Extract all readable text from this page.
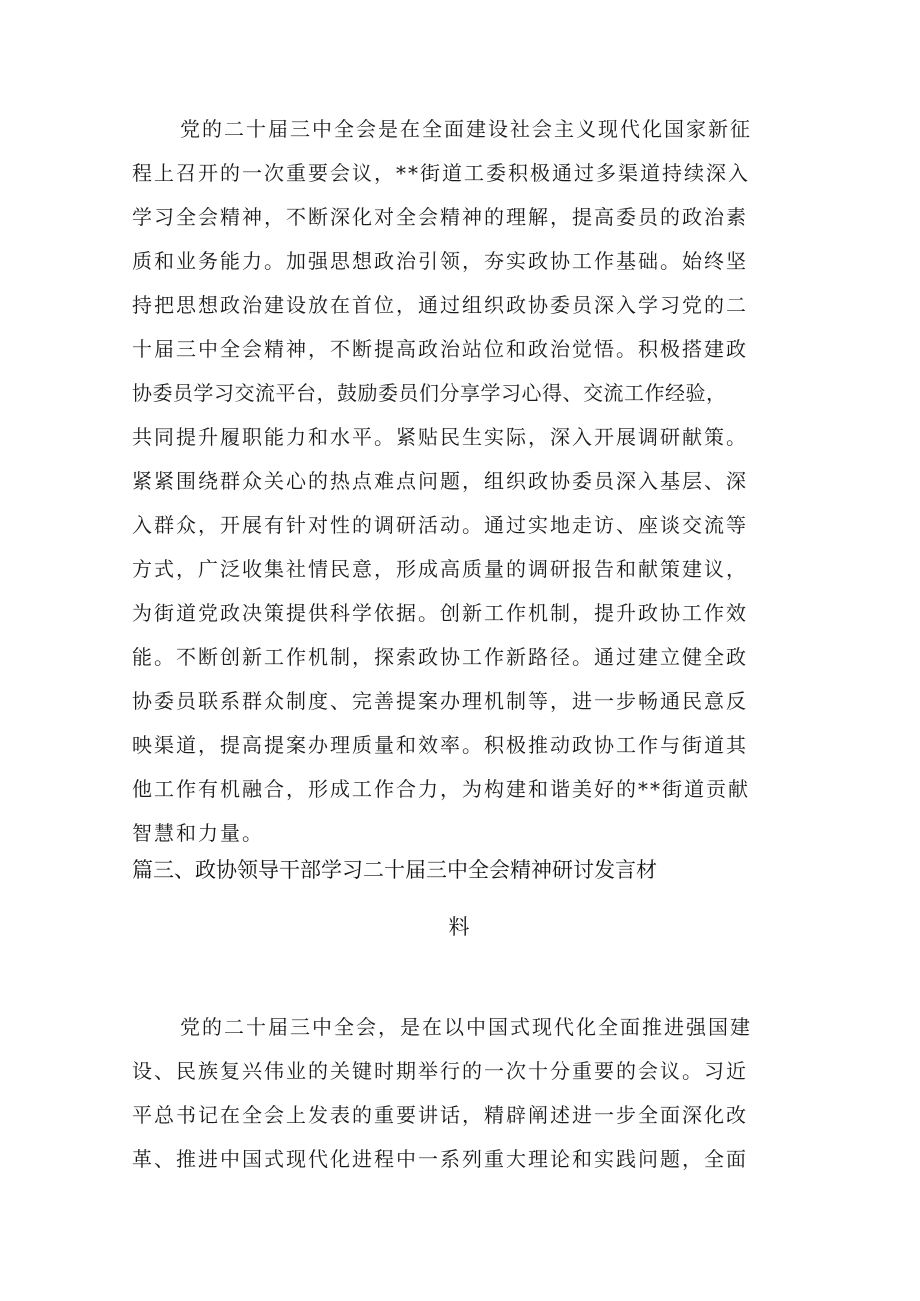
党的二十届三中全会是在全面建设社会主义现代化国家新征
程上召开的一次重要会议，**街道工委积极通过多渠道持续深入
学习全会精神，不断深化对全会精神的理解，提高委员的政治素
质和业务能力。加强思想政治引领，夯实政协工作基础。始终坚
持把思想政治建设放在首位，通过组织政协委员深入学习党的二
十届三中全会精神，不断提高政治站位和政治觉悟。积极搭建政
协委员学习交流平台，鼓励委员们分享学习心得、交流工作经验，
共同提升履职能力和水平。紧贴民生实际，深入开展调研献策。
紧紧围绕群众关心的热点难点问题，组织政协委员深入基层、深
入群众，开展有针对性的调研活动。通过实地走访、座谈交流等
方式，广泛收集社情民意，形成高质量的调研报告和献策建议，
为街道党政决策提供科学依据。创新工作机制，提升政协工作效
能。不断创新工作机制，探索政协工作新路径。通过建立健全政
协委员联系群众制度、完善提案办理机制等，进一步畅通民意反
映渠道，提高提案办理质量和效率。积极推动政协工作与街道其
他工作有机融合，形成工作合力，为构建和谐美好的**街道贡献
智慧和力量。
篇三、政协领导干部学习二十届三中全会精神研讨发言材
料
党的二十届三中全会，是在以中国式现代化全面推进强国建
设、民族复兴伟业的关键时期举行的一次十分重要的会议。习近
平总书记在全会上发表的重要讲话，精辟阐述进一步全面深化改
革、推进中国式现代化进程中一系列重大理论和实践问题，全面
